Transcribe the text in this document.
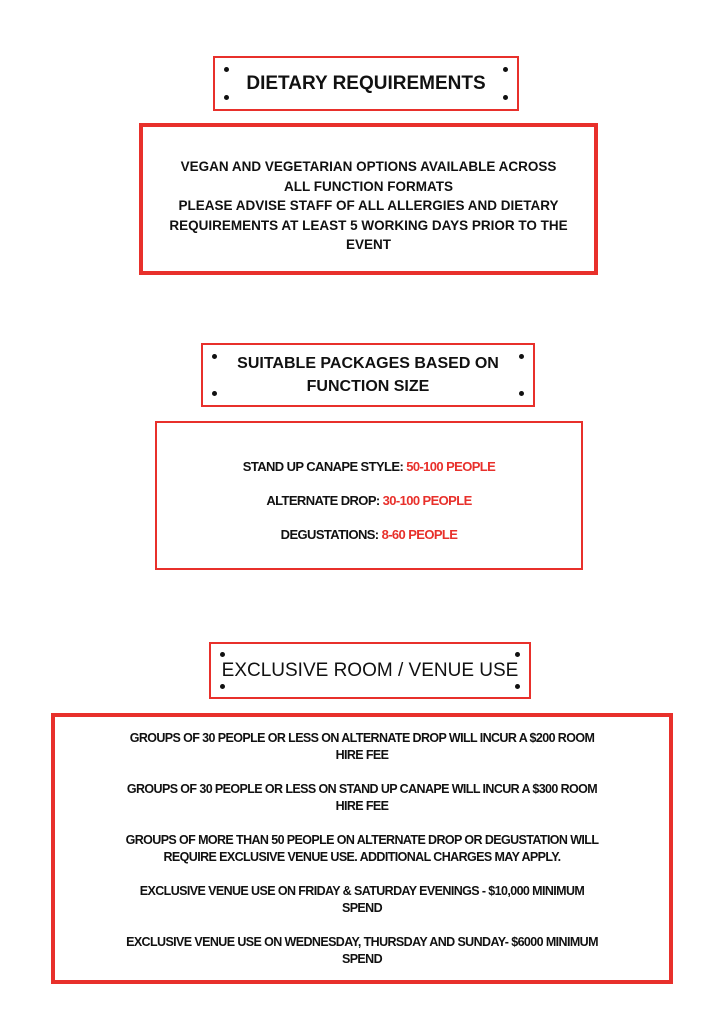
DIETARY REQUIREMENTS
VEGAN AND VEGETARIAN OPTIONS AVAILABLE ACROSS
ALL FUNCTION FORMATS
PLEASE ADVISE STAFF OF ALL ALLERGIES AND DIETARY
REQUIREMENTS AT LEAST 5 WORKING DAYS PRIOR TO THE
EVENT
SUITABLE PACKAGES BASED ON
FUNCTION SIZE

STAND UP CANAPE STYLE: 50-100 PEOPLE

ALTERNATE DROP: 30-100 PEOPLE

DEGUSTATIONS: 8-60 PEOPLE

EXCLUSIVE ROOM / VENUE USE

GROUPS OF 30 PEOPLE OR LESS ON ALTERNATE DROP WILL INCUR A $200 ROOM
HIRE FEE

GROUPS OF 30 PEOPLE OR LESS ON STAND UP CANAPE WILL INCUR A $300 ROOM
HIRE FEE

GROUPS OF MORE THAN 50 PEOPLE ON ALTERNATE DROP OR DEGUSTATION WILL
REQUIRE EXCLUSIVE VENUE USE. ADDITIONAL CHARGES MAY APPLY.

EXCLUSIVE VENUE USE ON FRIDAY & SATURDAY EVENINGS - $10,000 MINIMUM
SPEND

EXCLUSIVE VENUE USE ON WEDNESDAY, THURSDAY AND SUNDAY- $6000 MINIMUM
SPEND
